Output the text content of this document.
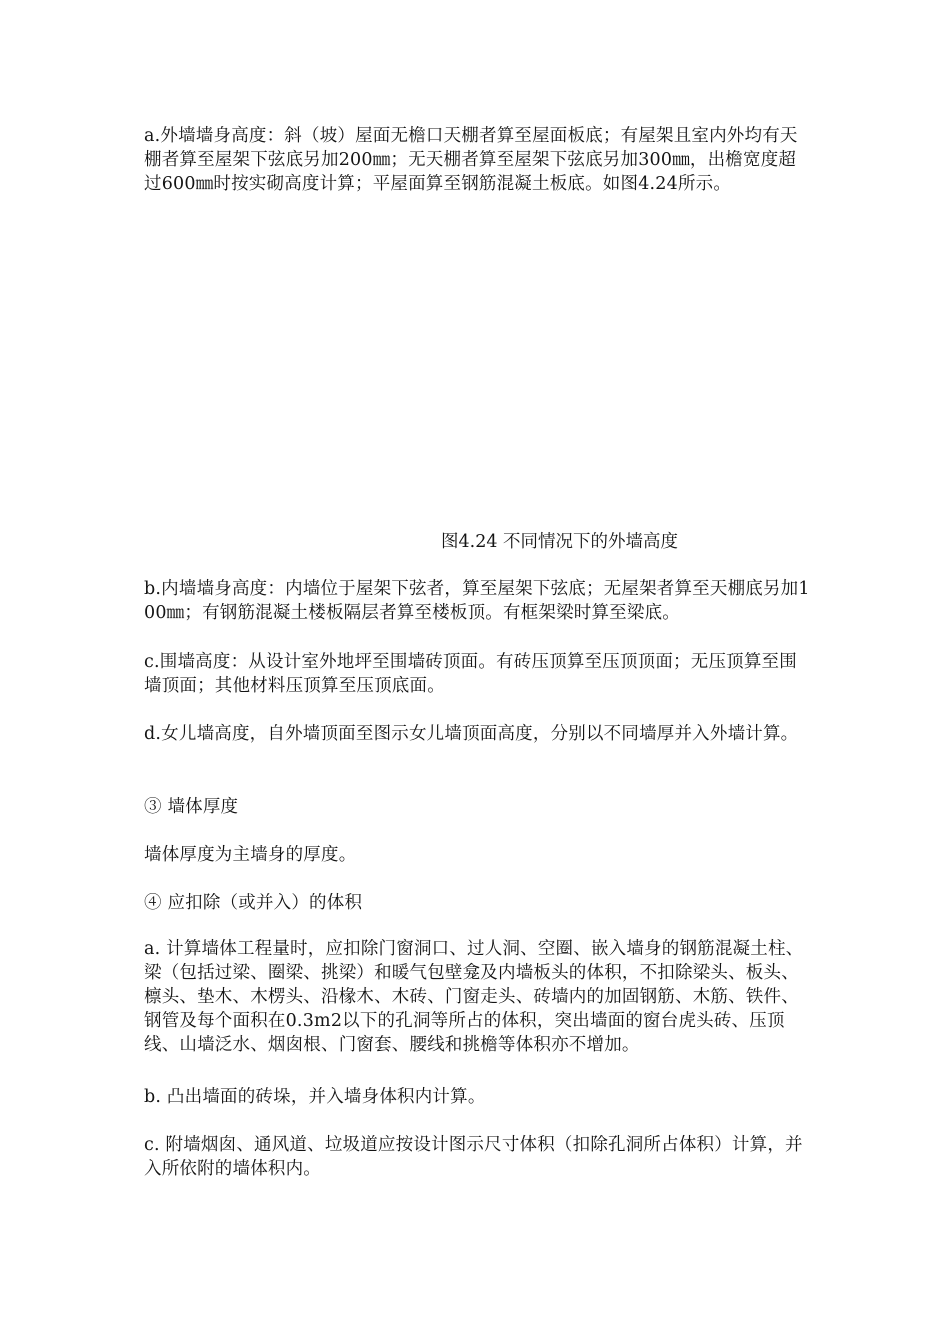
a.外墙墙身高度：斜（坡）屋面无檐口天棚者算至屋面板底；有屋架且室内外均有天棚者算至屋架下弦底另加200㎜；无天棚者算至屋架下弦底另加300㎜，出檐宽度超过600㎜时按实砌高度计算；平屋面算至钢筋混凝土板底。如图4.24所示。

图4.24 不同情况下的外墙高度

b.内墙墙身高度：内墙位于屋架下弦者，算至屋架下弦底；无屋架者算至天棚底另加100㎜；有钢筋混凝土楼板隔层者算至楼板顶。有框架梁时算至梁底。

c.围墙高度：从设计室外地坪至围墙砖顶面。有砖压顶算至压顶顶面；无压顶算至围墙顶面；其他材料压顶算至压顶底面。

d.女儿墙高度，自外墙顶面至图示女儿墙顶面高度，分别以不同墙厚并入外墙计算。

③ 墙体厚度

墙体厚度为主墙身的厚度。

④ 应扣除（或并入）的体积

a. 计算墙体工程量时，应扣除门窗洞口、过人洞、空圈、嵌入墙身的钢筋混凝土柱、梁（包括过梁、圈梁、挑梁）和暖气包壁龛及内墙板头的体积，不扣除梁头、板头、檩头、垫木、木楞头、沿椽木、木砖、门窗走头、砖墙内的加固钢筋、木筋、铁件、钢管及每个面积在0.3m2以下的孔洞等所占的体积，突出墙面的窗台虎头砖、压顶线、山墙泛水、烟囱根、门窗套、腰线和挑檐等体积亦不增加。

b. 凸出墙面的砖垛，并入墙身体积内计算。

c. 附墙烟囱、通风道、垃圾道应按设计图示尺寸体积（扣除孔洞所占体积）计算，并入所依附的墙体积内。
